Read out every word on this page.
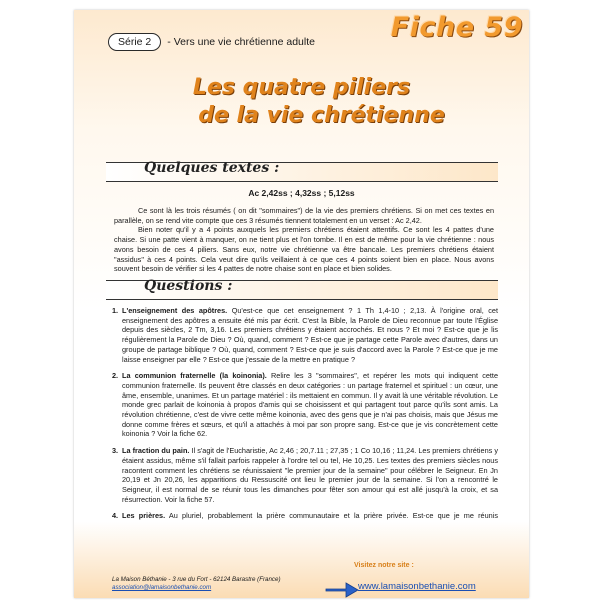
Fiche 59
Série 2	- Vers une vie chrétienne adulte
Les quatre piliers
de la vie chrétienne
Quelques textes :
Ac 2,42ss ; 4,32ss ; 5,12ss

Ce sont là les trois résumés ( on dit "sommaires") de la vie des premiers chrétiens. Si on met ces textes en parallèle, on se rend vite compte que ces 3 résumés tiennent totalement en un verset : Ac 2,42.

Bien noter qu'il y a 4 points auxquels les premiers chrétiens étaient attentifs. Ce sont les 4 pattes d'une chaise. Si une patte vient à manquer, on ne tient plus et l'on tombe. Il en est de même pour la vie chrétienne : nous avons besoin de ces 4 piliers. Sans eux, notre vie chrétienne va être bancale. Les premiers chrétiens étaient "assidus" à ces 4 points. Cela veut dire qu'ils veillaient à ce que ces 4 points soient bien en place. Nous avons souvent besoin de vérifier si les 4 pattes de notre chaise sont en place et bien solides.

Questions :
1. L'enseignement des apôtres. Qu'est-ce que cet enseignement ? 1 Th 1,4-10 ; 2,13. À l'origine oral, cet enseignement des apôtres a ensuite été mis par écrit. C'est la Bible, la Parole de Dieu reconnue par toute l'Église depuis des siècles, 2 Tm, 3,16. Les premiers chrétiens y étaient accrochés. Et nous ? Et moi ? Est-ce que je lis régulièrement la Parole de Dieu ? Où, quand, comment ? Est-ce que je partage cette Parole avec d'autres, dans un groupe de partage biblique ? Où, quand, comment ? Est-ce que je suis d'accord avec la Parole ? Est-ce que je me laisse enseigner par elle ? Est-ce que j'essaie de la mettre en pratique ?
2. La communion fraternelle (la koinonia). Relire les 3 "sommaires", et repérer les mots qui indiquent cette communion fraternelle. Ils peuvent être classés en deux catégories : un partage fraternel et spirituel : un cœur, une âme, ensemble, unanimes. Et un partage matériel : ils mettaient en commun. Il y avait là une véritable révolution. Le monde grec parlait de koinonia à propos d'amis qui se choisissent et qui partagent tout parce qu'ils sont amis. La révolution chrétienne, c'est de vivre cette même koinonia, avec des gens que je n'ai pas choisis, mais que Jésus me donne comme frères et sœurs, et qu'il a attachés à moi par son propre sang. Est-ce que je vis concrètement cette koinonia ? Voir la fiche 62.
3. La fraction du pain. Il s'agit de l'Eucharistie, Ac 2,46 ; 20,7.11 ; 27,35 ; 1 Co 10,16 ; 11,24. Les premiers chrétiens y étaient assidus, même s'il fallait parfois rappeler à l'ordre tel ou tel, He 10,25. Les textes des premiers siècles nous racontent comment les chrétiens se réunissaient "le premier jour de la semaine" pour célébrer le Seigneur. En Jn 20,19 et Jn 20,26, les apparitions du Ressuscité ont lieu le premier jour de la semaine. Si l'on a rencontré le Seigneur, il est normal de se réunir tous les dimanches pour fêter son amour qui est allé jusqu'à la croix, et sa résurrection. Voir la fiche 57.
4. Les prières. Au pluriel, probablement la prière communautaire et la prière privée. Est-ce que je me réunis
La Maison Béthanie - 3 rue du Fort - 62124 Barastre (France)
association@lamaisonbethanie.com
Visitez notre site :
www.lamaisonbethanie.com
